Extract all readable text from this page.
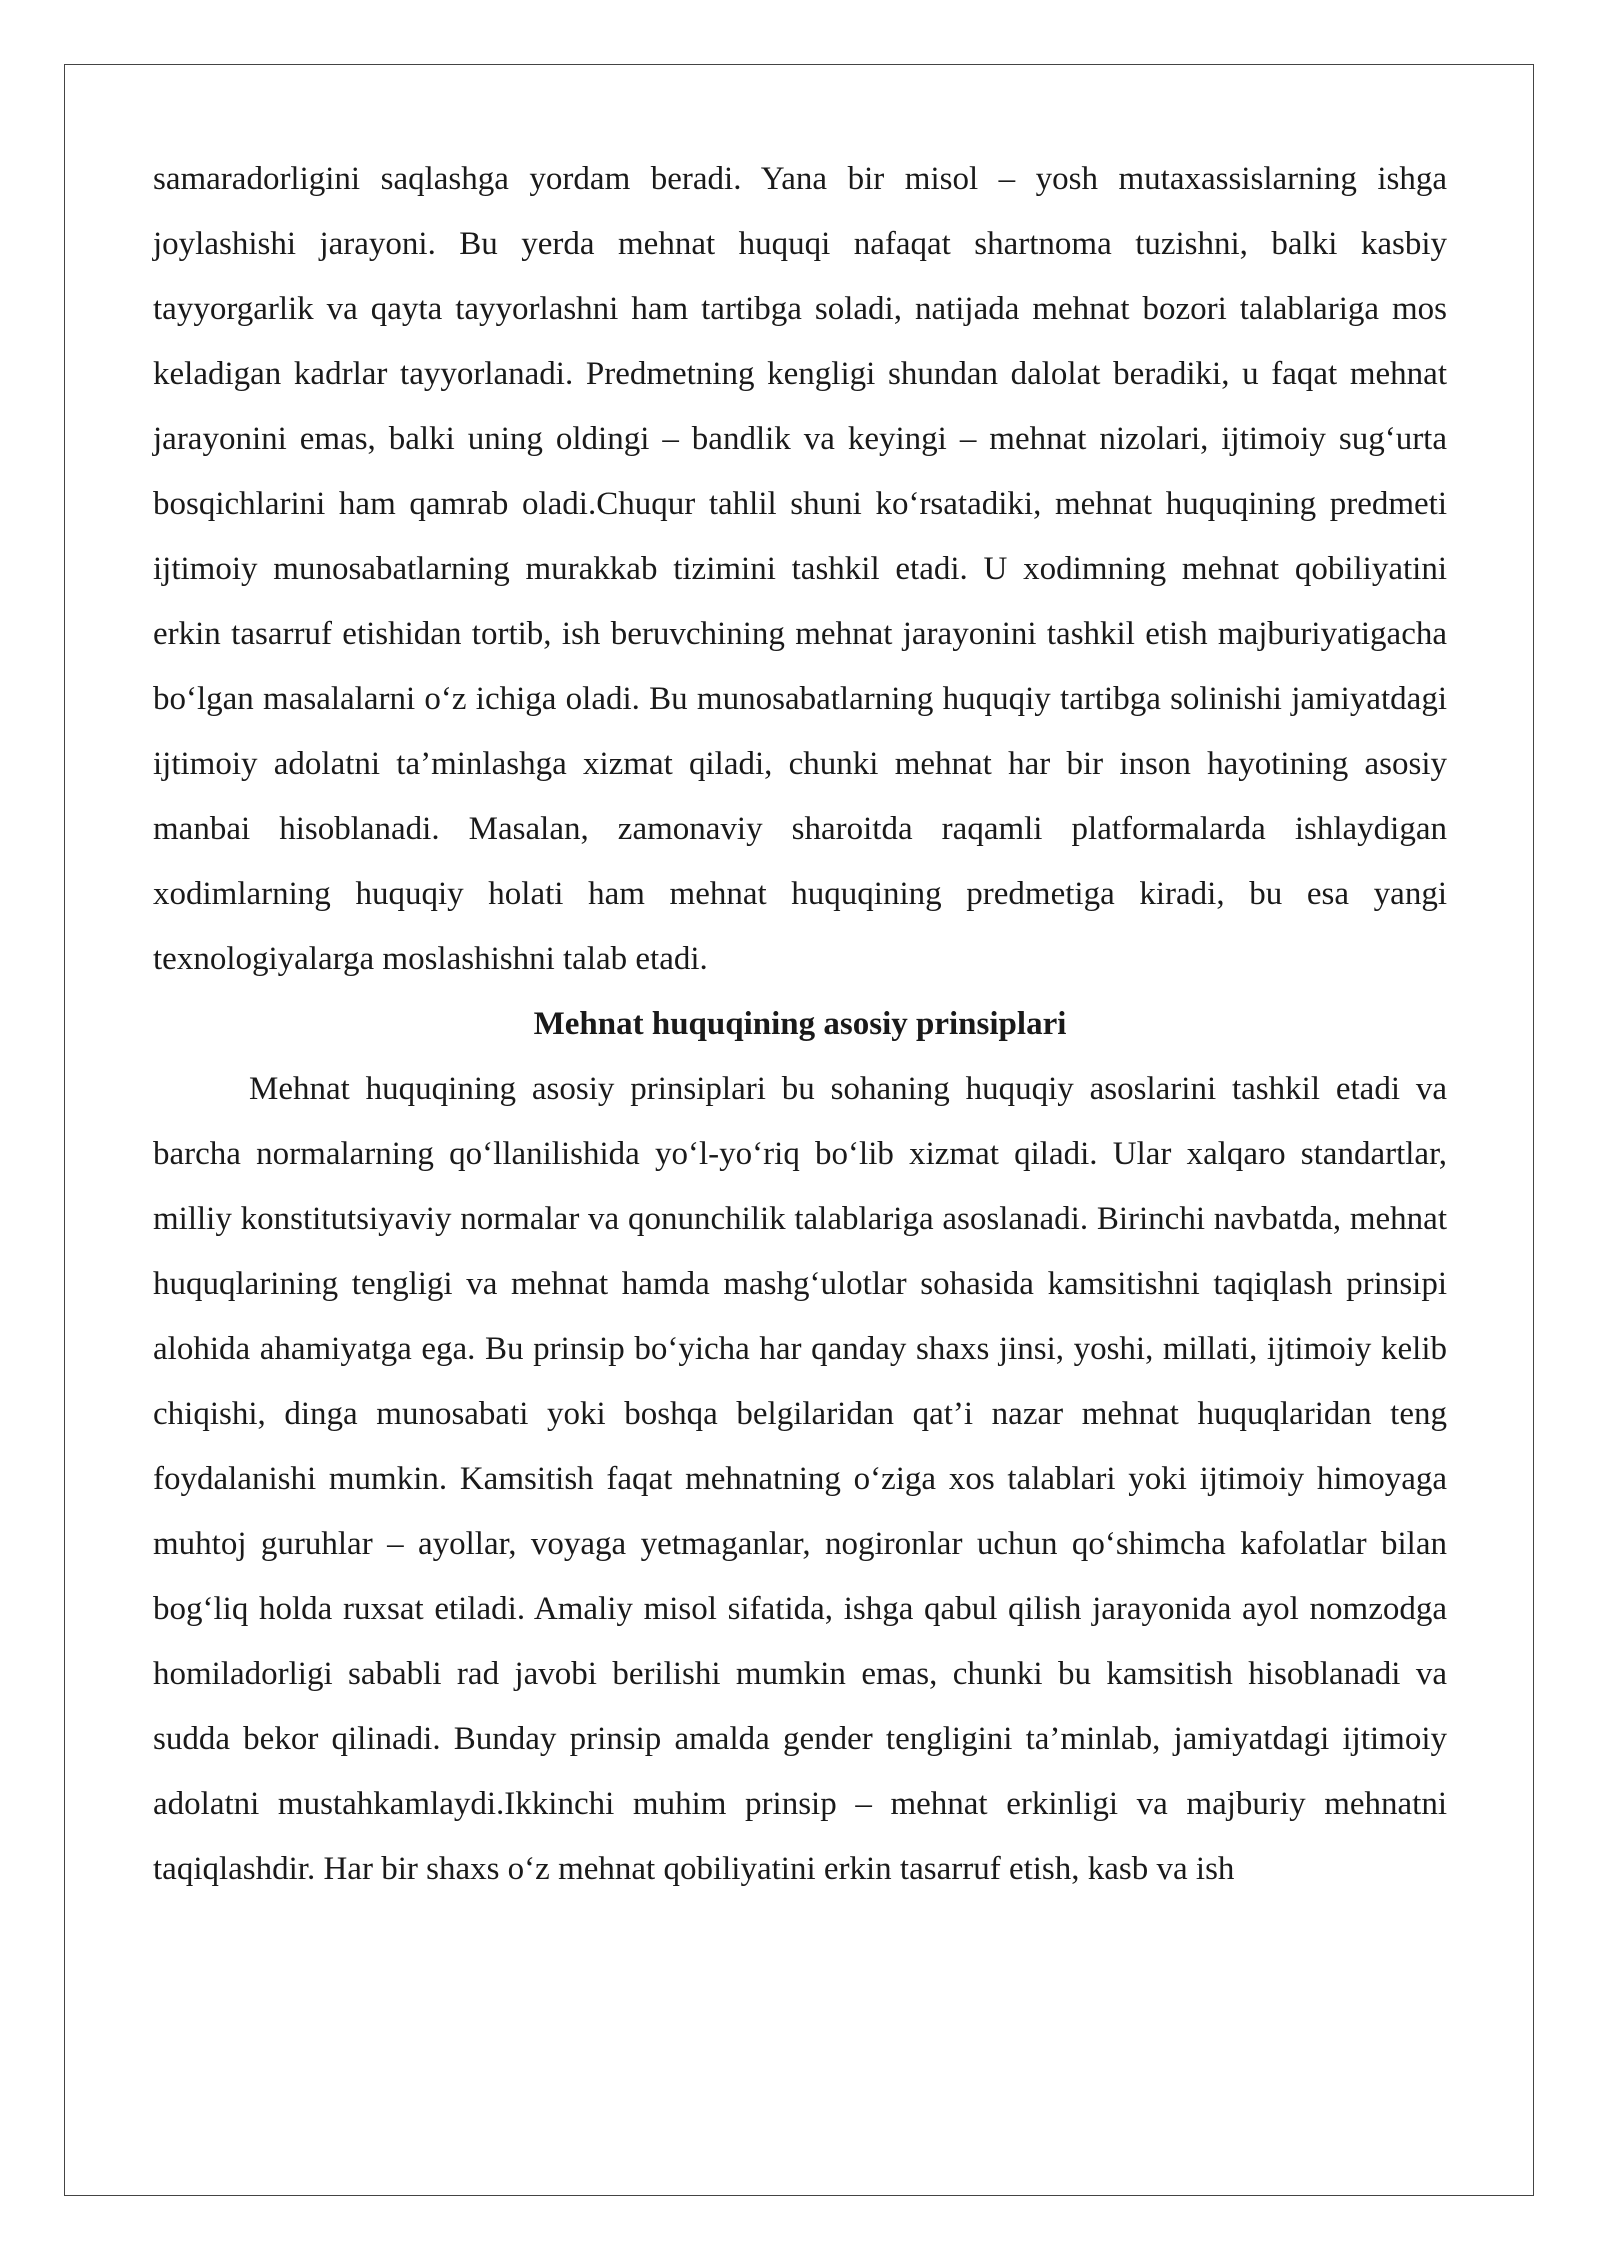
samaradorligini saqlashga yordam beradi. Yana bir misol – yosh mutaxassislarning ishga joylashishi jarayoni. Bu yerda mehnat huquqi nafaqat shartnoma tuzishni, balki kasbiy tayyorgarlik va qayta tayyorlashni ham tartibga soladi, natijada mehnat bozori talablariga mos keladigan kadrlar tayyorlanadi. Predmetning kengligi shundan dalolat beradiki, u faqat mehnat jarayonini emas, balki uning oldingi – bandlik va keyingi – mehnat nizolari, ijtimoiy sug‘urta bosqichlarini ham qamrab oladi.Chuqur tahlil shuni ko‘rsatadiki, mehnat huquqining predmeti ijtimoiy munosabatlarning murakkab tizimini tashkil etadi. U xodimning mehnat qobiliyatini erkin tasarruf etishidan tortib, ish beruvchining mehnat jarayonini tashkil etish majburiyatigacha bo‘lgan masalalarni o‘z ichiga oladi. Bu munosabatlarning huquqiy tartibga solinishi jamiyatdagi ijtimoiy adolatni ta’minlashga xizmat qiladi, chunki mehnat har bir inson hayotining asosiy manbai hisoblanadi. Masalan, zamonaviy sharoitda raqamli platformalarda ishlaydigan xodimlarning huquqiy holati ham mehnat huquqining predmetiga kiradi, bu esa yangi texnologiyalarga moslashishni talab etadi.

Mehnat huquqining asosiy prinsiplari

Mehnat huquqining asosiy prinsiplari bu sohaning huquqiy asoslarini tashkil etadi va barcha normalarning qo‘llanilishida yo‘l-yo‘riq bo‘lib xizmat qiladi. Ular xalqaro standartlar, milliy konstitutsiyaviy normalar va qonunchilik talablariga asoslanadi. Birinchi navbatda, mehnat huquqlarining tengligi va mehnat hamda mashg‘ulotlar sohasida kamsitishni taqiqlash prinsipi alohida ahamiyatga ega. Bu prinsip bo‘yicha har qanday shaxs jinsi, yoshi, millati, ijtimoiy kelib chiqishi, dinga munosabati yoki boshqa belgilaridan qat’i nazar mehnat huquqlaridan teng foydalanishi mumkin. Kamsitish faqat mehnatning o‘ziga xos talablari yoki ijtimoiy himoyaga muhtoj guruhlar – ayollar, voyaga yetmaganlar, nogironlar uchun qo‘shimcha kafolatlar bilan bog‘liq holda ruxsat etiladi. Amaliy misol sifatida, ishga qabul qilish jarayonida ayol nomzodga homiladorligi sababli rad javobi berilishi mumkin emas, chunki bu kamsitish hisoblanadi va sudda bekor qilinadi. Bunday prinsip amalda gender tengligini ta’minlab, jamiyatdagi ijtimoiy adolatni mustahkamlaydi.Ikkinchi muhim prinsip – mehnat erkinligi va majburiy mehnatni taqiqlashdir. Har bir shaxs o‘z mehnat qobiliyatini erkin tasarruf etish, kasb va ish
